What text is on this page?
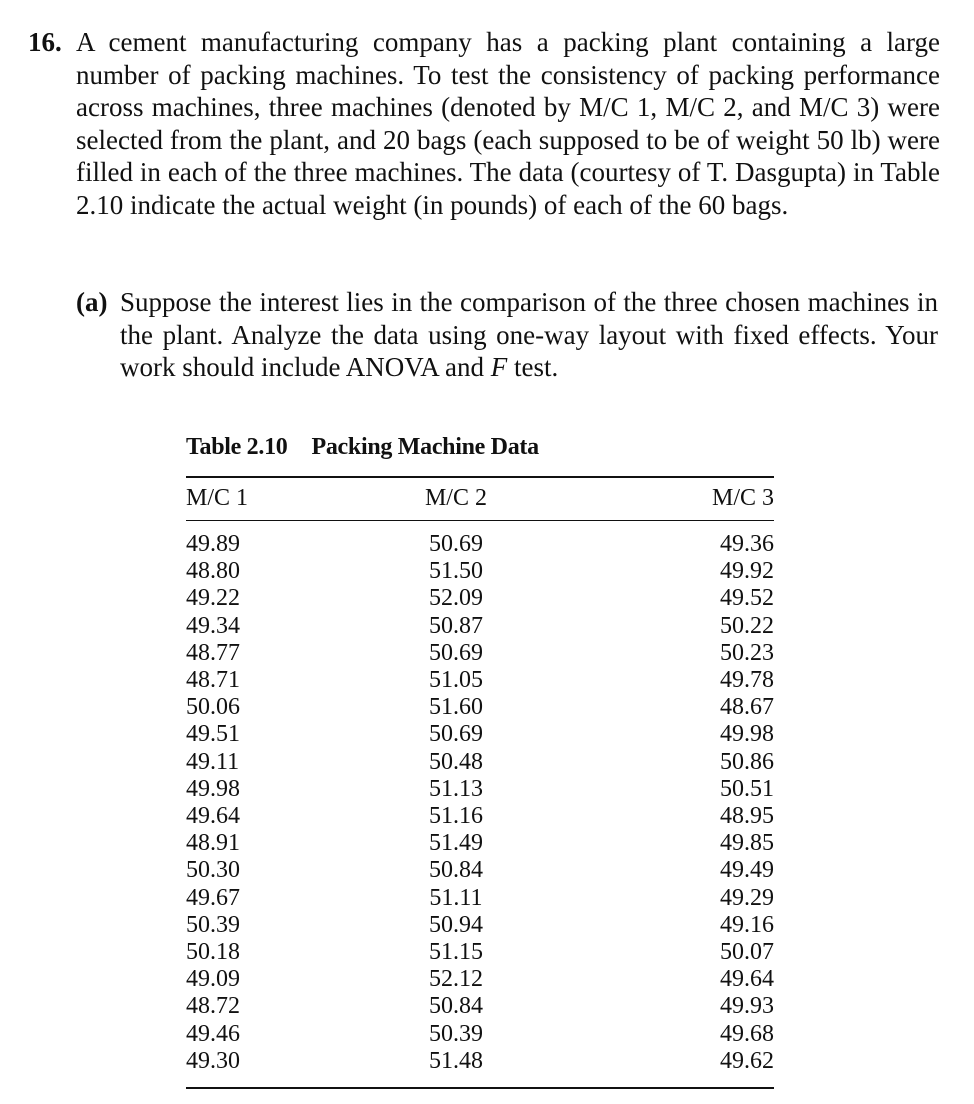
16. A cement manufacturing company has a packing plant containing a large number of packing machines. To test the consistency of packing performance across machines, three machines (denoted by M/C 1, M/C 2, and M/C 3) were selected from the plant, and 20 bags (each supposed to be of weight 50 lb) were filled in each of the three machines. The data (courtesy of T. Dasgupta) in Table 2.10 indicate the actual weight (in pounds) of each of the 60 bags.
(a) Suppose the interest lies in the comparison of the three chosen machines in the plant. Analyze the data using one-way layout with fixed effects. Your work should include ANOVA and F test.
Table 2.10 Packing Machine Data
M/C 1	M/C 2	M/C 3
49.89	50.69	49.36
48.80	51.50	49.92
49.22	52.09	49.52
49.34	50.87	50.22
48.77	50.69	50.23
48.71	51.05	49.78
50.06	51.60	48.67
49.51	50.69	49.98
49.11	50.48	50.86
49.98	51.13	50.51
49.64	51.16	48.95
48.91	51.49	49.85
50.30	50.84	49.49
49.67	51.11	49.29
50.39	50.94	49.16
50.18	51.15	50.07
49.09	52.12	49.64
48.72	50.84	49.93
49.46	50.39	49.68
49.30	51.48	49.62
